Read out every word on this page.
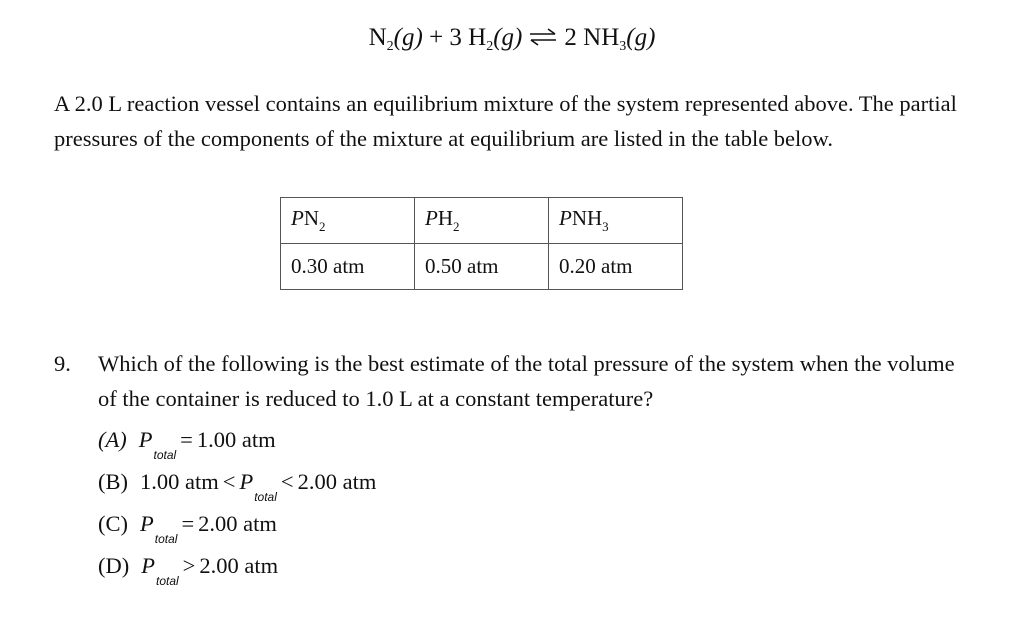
$N_2(g) + 3$ $H_2(g)$ ⇌ 2 $NH_3(g)$

A 2.0 L reaction vessel contains an equilibrium mixture of the system represented above. The partial pressures of the components of the mixture at equilibrium are listed in the table below.

$PN_2$	$PH_2$	$PNH_3$
0.30 atm	0.50 atm	0.20 atm
9. Which of the following is the best estimate of the total pressure of the system when the volume of the container is reduced to 1.0 L at a constant temperature?
(A) $P_{total}= 1.00$ atm
(B) 1.00 atm < $P_{total}< 2.00$ atm
(C) $P_{total}= 2.00$ atm
(D) $P_{total}> 2.00$ atm
